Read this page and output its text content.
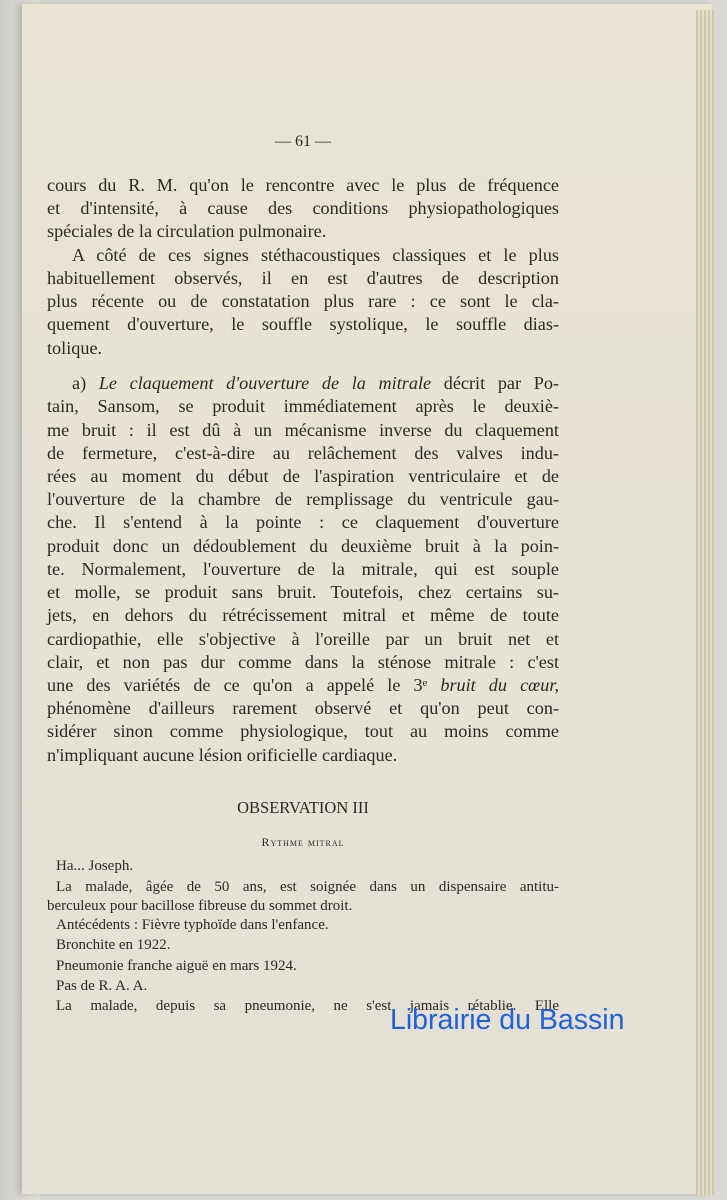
— 61 —
cours du R. M. qu'on le rencontre avec le plus de fréquence
et d'intensité, à cause des conditions physiopathologiques
spéciales de la circulation pulmonaire.
A côté de ces signes stéthacoustiques classiques et le plus
habituellement observés, il en est d'autres de description
plus récente ou de constatation plus rare : ce sont le cla-
quement d'ouverture, le souffle systolique, le souffle dias-
tolique.
a) Le claquement d'ouverture de la mitrale décrit par Po-
tain, Sansom, se produit immédiatement après le deuxiè-
me bruit : il est dû à un mécanisme inverse du claquement
de fermeture, c'est-à-dire au relâchement des valves indu-
rées au moment du début de l'aspiration ventriculaire et de
l'ouverture de la chambre de remplissage du ventricule gau-
che. Il s'entend à la pointe : ce claquement d'ouverture
produit donc un dédoublement du deuxième bruit à la poin-
te. Normalement, l'ouverture de la mitrale, qui est souple
et molle, se produit sans bruit. Toutefois, chez certains su-
jets, en dehors du rétrécissement mitral et même de toute
cardiopathie, elle s'objective à l'oreille par un bruit net et
clair, et non pas dur comme dans la sténose mitrale : c'est
une des variétés de ce qu'on a appelé le 3ᵉ bruit du cœur,
phénomène d'ailleurs rarement observé et qu'on peut con-
sidérer sinon comme physiologique, tout au moins comme
n'impliquant aucune lésion orificielle cardiaque.
OBSERVATION III
Rythme mitral
Ha... Joseph.
La malade, âgée de 50 ans, est soignée dans un dispensaire antitu-
berculeux pour bacillose fibreuse du sommet droit.
Antécédents : Fièvre typhoïde dans l'enfance.
Bronchite en 1922.
Pneumonie franche aiguë en mars 1924.
Pas de R. A. A.
La malade, depuis sa pneumonie, ne s'est jamais rétablie. Elle
Librairie du Bassin
